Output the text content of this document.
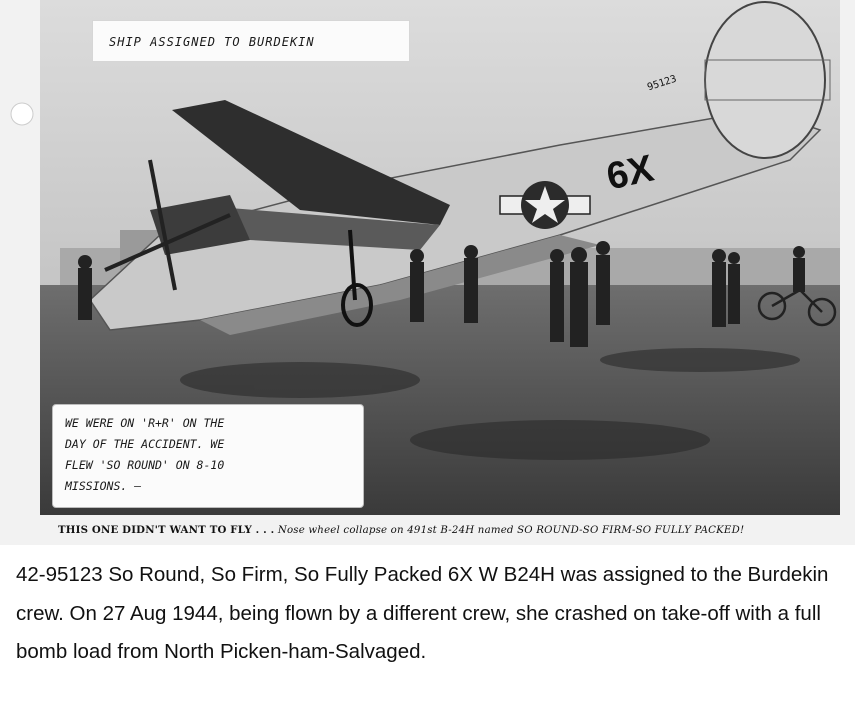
SHIP ASSIGNED TO BURDEKIN
95123
6X
WE WERE ON 'R+R' ON THE
DAY OF THE ACCIDENT. WE
FLEW 'SO ROUND' ON 8-10
MISSIONS. —
THIS ONE DIDN'T WANT TO FLY . . . Nose wheel collapse on 491st B-24H named SO ROUND-SO FIRM-SO FULLY PACKED!
42-95123 So Round, So Firm, So Fully Packed 6X W B24H was assigned to the Burdekin crew. On 27 Aug 1944, being flown by a different crew, she crashed on take-off with a full bomb load from North Picken-ham-Salvaged.
